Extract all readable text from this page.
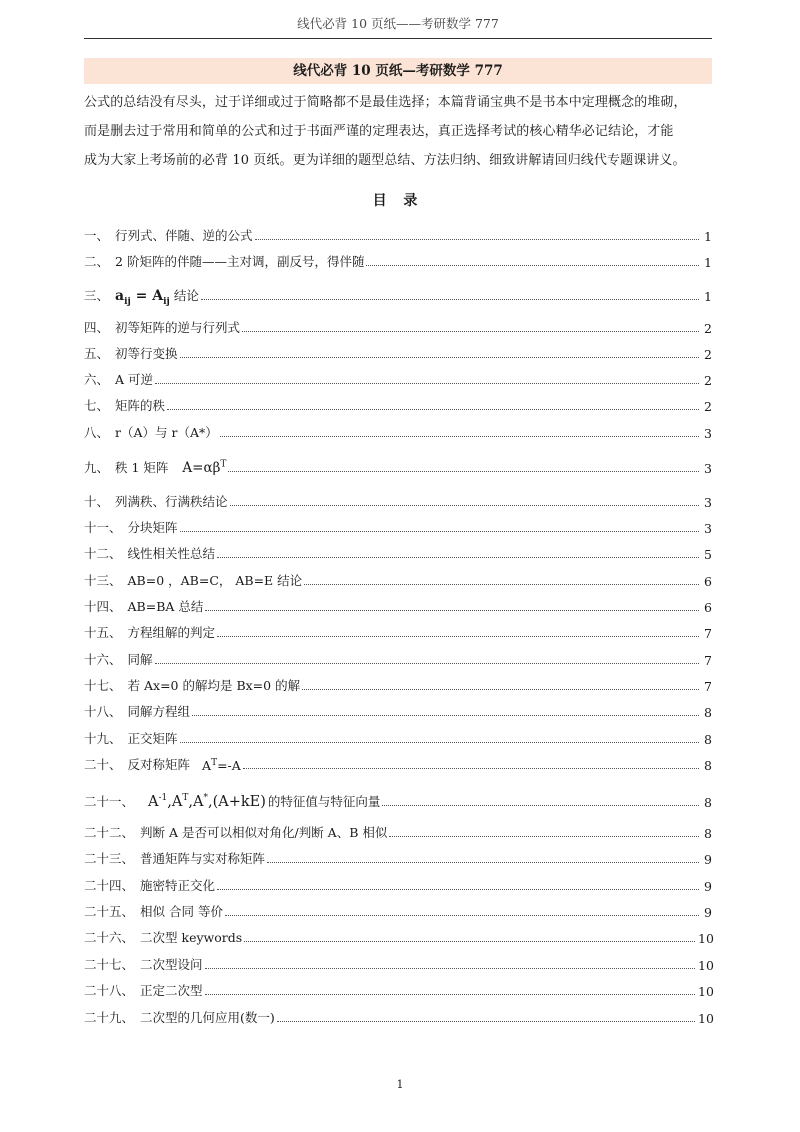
线代必背 10 页纸——考研数学 777
线代必背 10 页纸—考研数学 777
公式的总结没有尽头，过于详细或过于简略都不是最佳选择；本篇背诵宝典不是书本中定理概念的堆砌，
而是删去过于常用和简单的公式和过于书面严谨的定理表达，真正选择考试的核心精华必记结论，才能
成为大家上考场前的必背 10 页纸。更为详细的题型总结、方法归纳、细致讲解请回归线代专题课讲义。
目 录
一、 行列式、伴随、逆的公式	1
二、 2 阶矩阵的伴随——主对调，副反号，得伴随	1
三、 $a_{ij} = A_{ij}$ 结论	1
四、 初等矩阵的逆与行列式	2
五、 初等行变换	2
六、 A 可逆	2
七、 矩阵的秩	2
八、 r（A）与 r（A*）	3
九、 秩 1 矩阵	$A=\alpha\beta^T$	3
十、 列满秩、行满秩结论	3
十一、 分块矩阵	3
十二、 线性相关性总结	5
十三、 AB=0 ，AB=C， AB=E 结论	6
十四、 AB=BA 总结	6
十五、 方程组解的判定	7
十六、 同解	7
十七、 若 Ax=0 的解均是 Bx=0 的解	7
十八、 同解方程组	8
十九、 正交矩阵	8
二十、 反对称矩阵 $A^T=-A$	8
二十一、 $A^{-1},A^T,A^*,(A+kE)$ 的特征值与特征向量	8
二十二、 判断 A 是否可以相似对角化/判断 A、B 相似	8
二十三、 普通矩阵与实对称矩阵	9
二十四、 施密特正交化	9
二十五、 相似 合同 等价	9
二十六、 二次型 keywords	10
二十七、 二次型设问	10
二十八、 正定二次型	10
二十九、 二次型的几何应用(数一)	10
1
